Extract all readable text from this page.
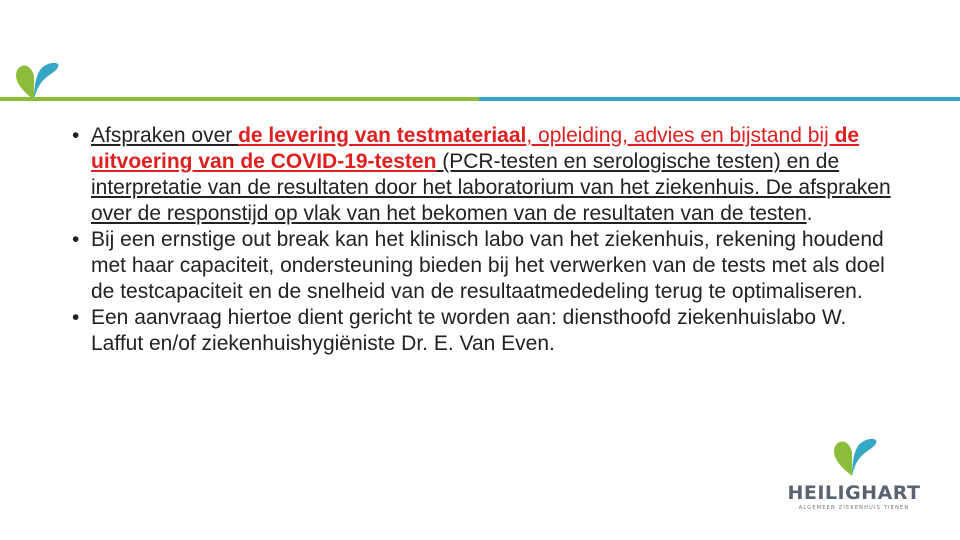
• Afspraken over de levering van testmateriaal, opleiding, advies en bijstand bij de uitvoering van de COVID-19-testen (PCR-testen en serologische testen) en de interpretatie van de resultaten door het laboratorium van het ziekenhuis. De afspraken over de responstijd op vlak van het bekomen van de resultaten van de testen.

• Bij een ernstige out break kan het klinisch labo van het ziekenhuis, rekening houdend met haar capaciteit, ondersteuning bieden bij het verwerken van de tests met als doel de testcapaciteit en de snelheid van de resultaatmededeling terug te optimaliseren.

• Een aanvraag hiertoe dient gericht te worden aan: diensthoofd ziekenhuislabo W. Laffut en/of ziekenhuishygiëniste Dr. E. Van Even.

HEILIGHART
ALGEMEEN ZIEKENHUIS TIENEN
